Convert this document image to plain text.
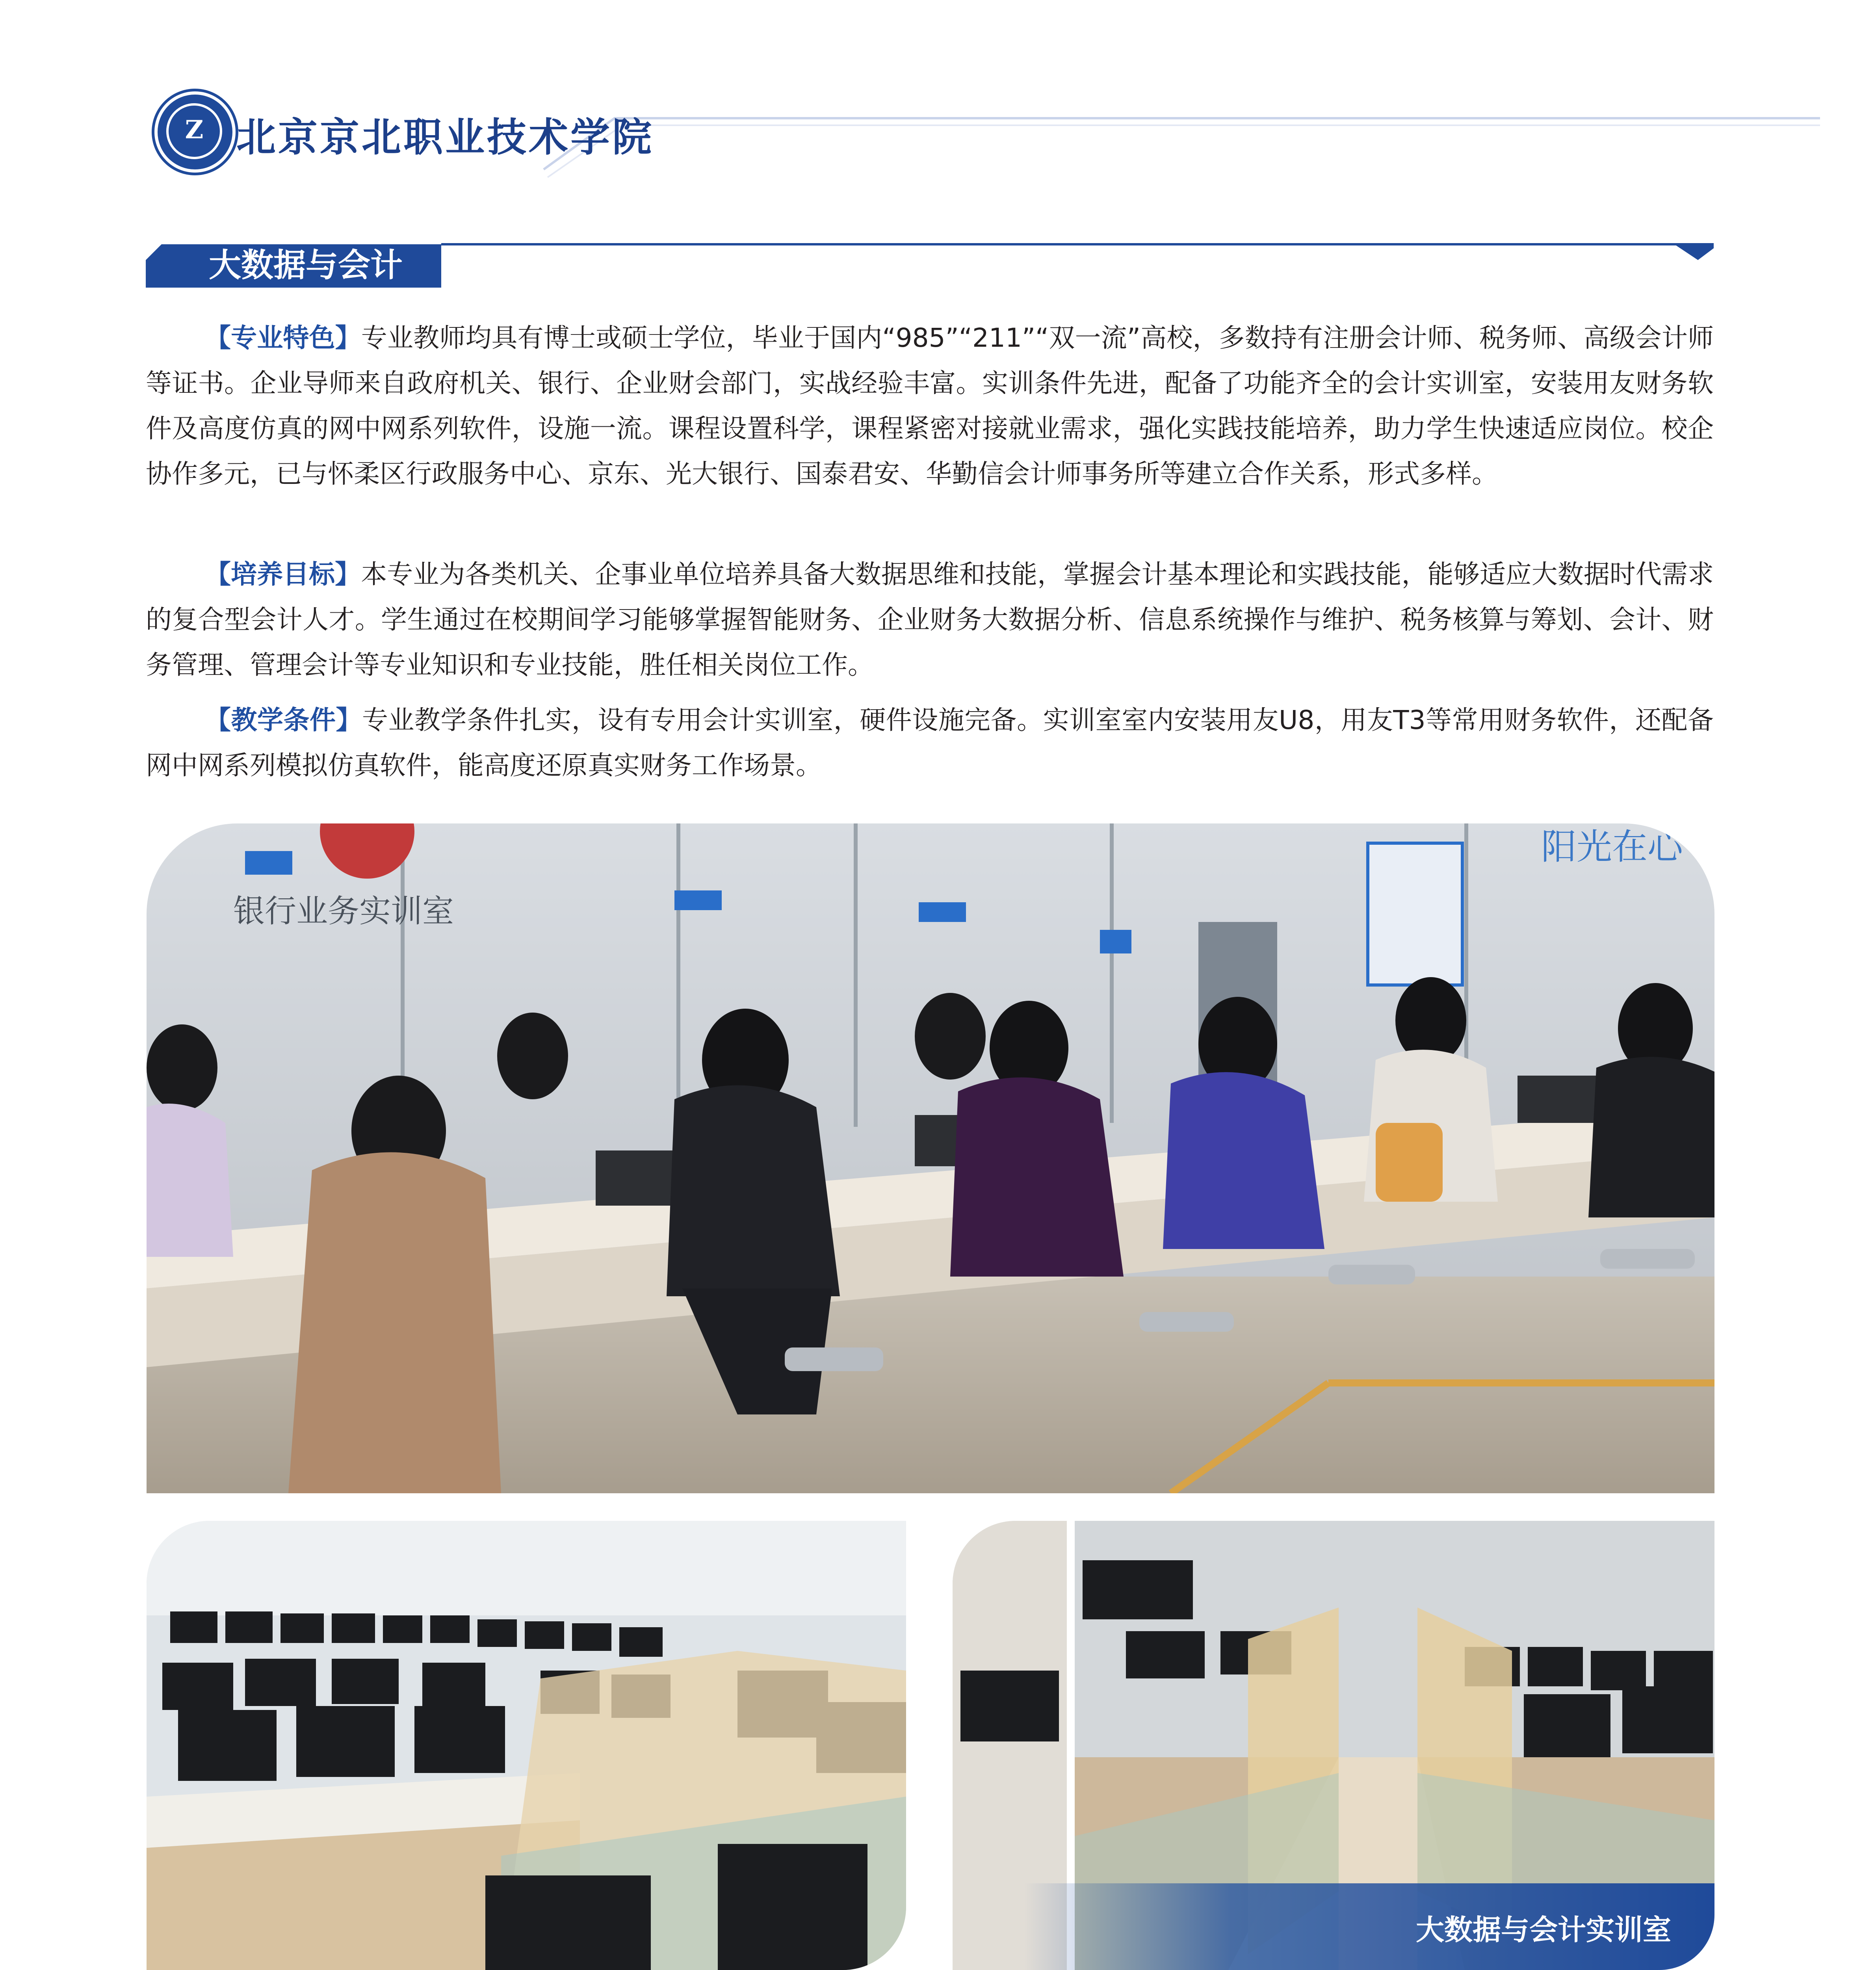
Z 北京京北职业技术学院
大数据与会计

【专业特色】专业教师均具有博士或硕士学位，毕业于国内“985”“211”“双一流”高校，多数持有注册会计师、税务师、高级会计师等证书。企业导师来自政府机关、银行、企业财会部门，实战经验丰富。实训条件先进，配备了功能齐全的会计实训室，安装用友财务软件及高度仿真的网中网系列软件，设施一流。课程设置科学，课程紧密对接就业需求，强化实践技能培养，助力学生快速适应岗位。校企协作多元，已与怀柔区行政服务中心、京东、光大银行、国泰君安、华勤信会计师事务所等建立合作关系，形式多样。

【培养目标】本专业为各类机关、企事业单位培养具备大数据思维和技能，掌握会计基本理论和实践技能，能够适应大数据时代需求的复合型会计人才。学生通过在校期间学习能够掌握智能财务、企业财务大数据分析、信息系统操作与维护、税务核算与筹划、会计、财务管理、管理会计等专业知识和专业技能，胜任相关岗位工作。

【教学条件】专业教学条件扎实，设有专用会计实训室，硬件设施完备。实训室室内安装用友U8，用友T3等常用财务软件，还配备网中网系列模拟仿真软件，能高度还原真实财务工作场景。

银行业务实训室
阳光在心
大数据与会计实训室
